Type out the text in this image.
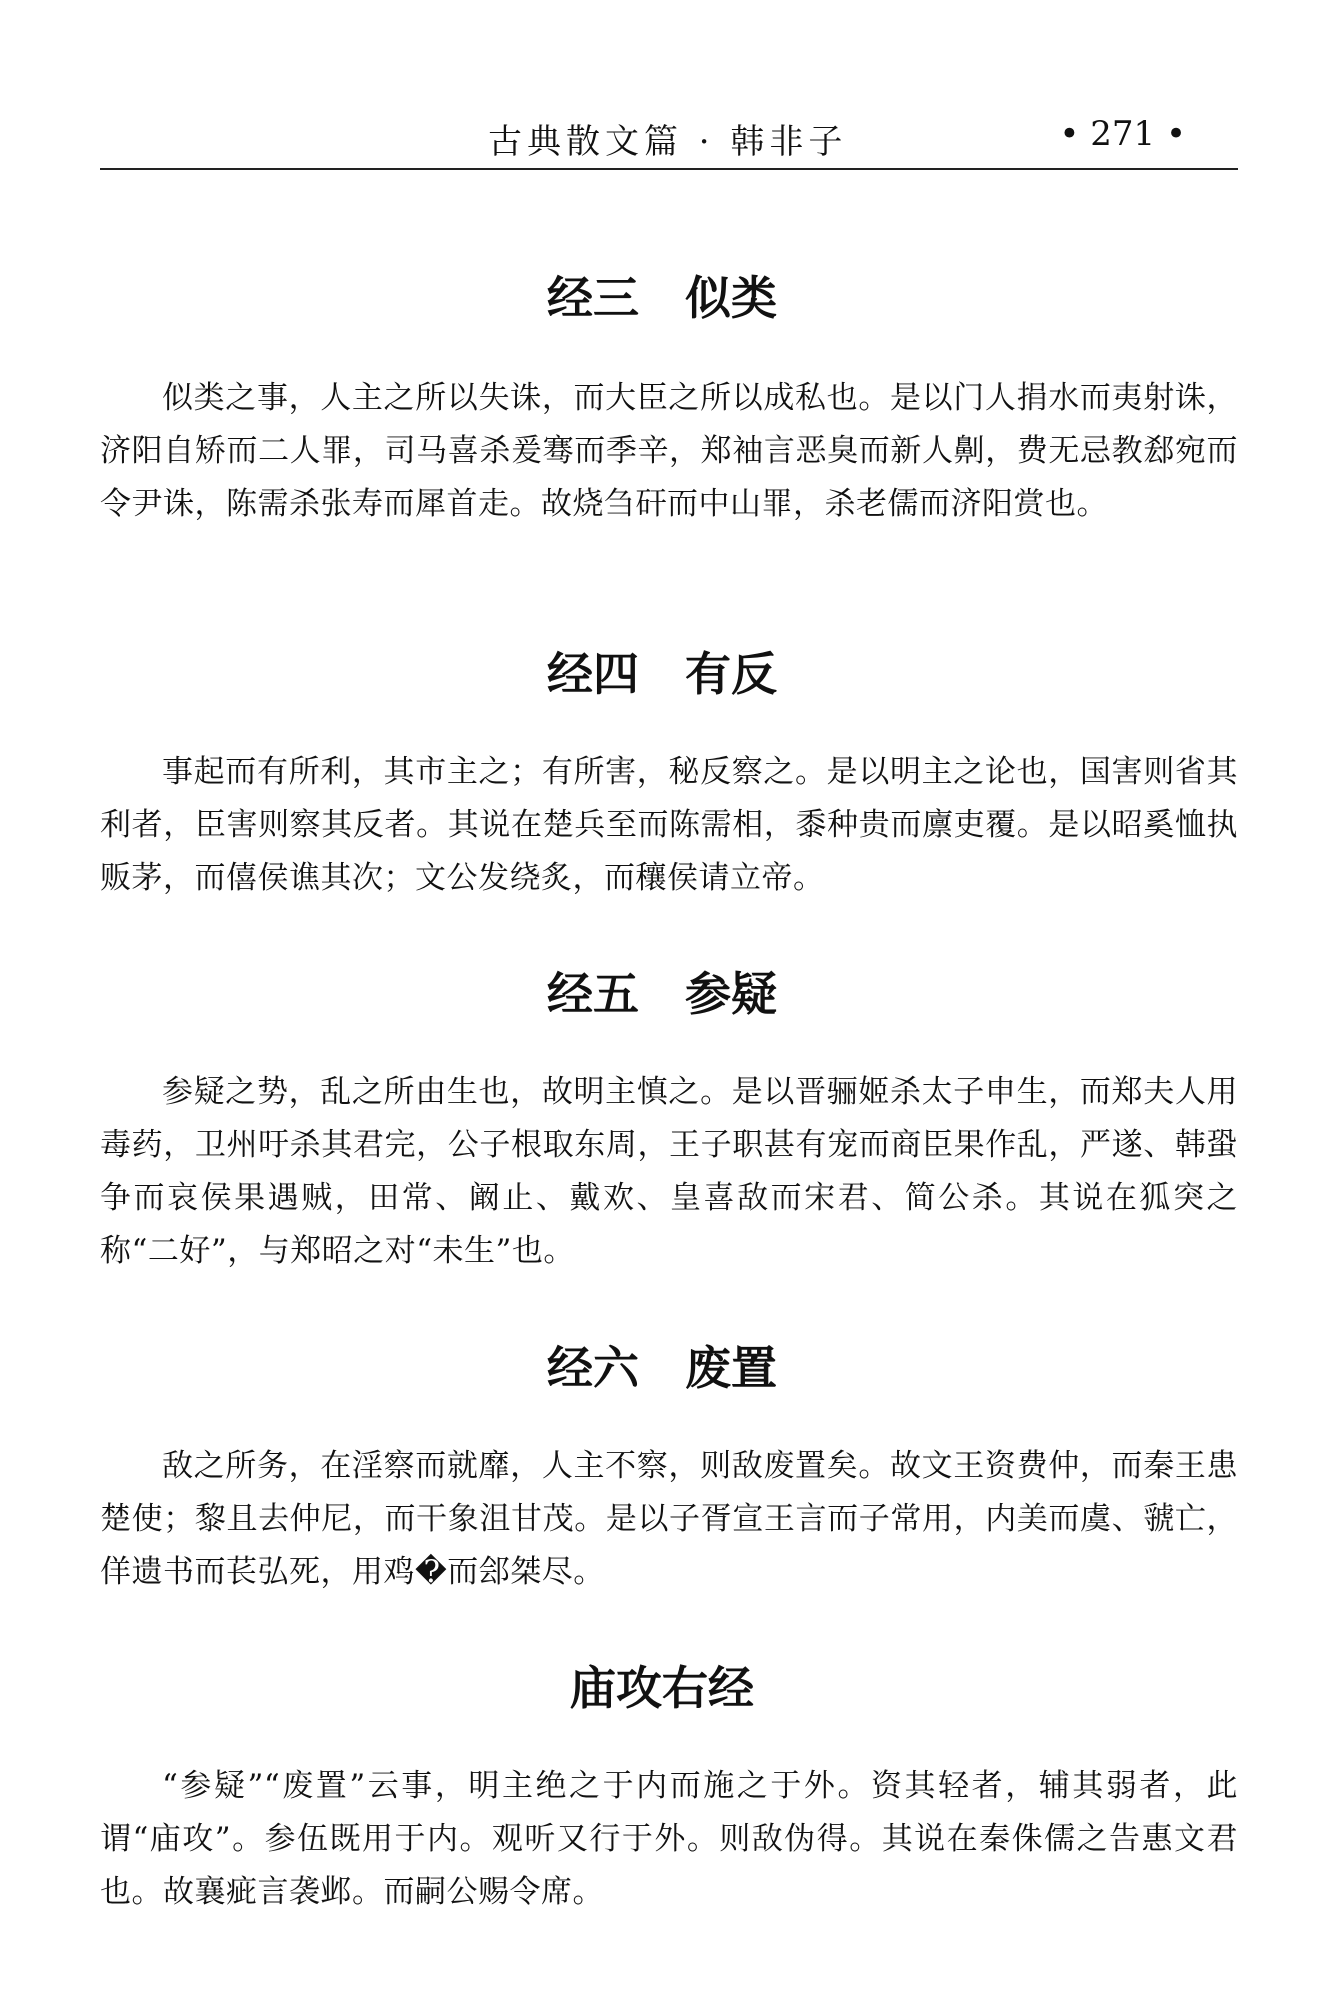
古典散文篇 · 韩非子	• 271 •
经三　似类

似类之事，人主之所以失诛，而大臣之所以成私也。是以门人捐水而夷射诛，济阳自矫而二人罪，司马喜杀爰骞而季辛，郑袖言恶臭而新人劓，费无忌教郄宛而令尹诛，陈需杀张寿而犀首走。故烧刍矸而中山罪，杀老儒而济阳赏也。

经四　有反

事起而有所利，其市主之；有所害，秘反察之。是以明主之论也，国害则省其利者，臣害则察其反者。其说在楚兵至而陈需相，黍种贵而廪吏覆。是以昭奚恤执贩茅，而僖侯谯其次；文公发绕炙，而穰侯请立帝。

经五　参疑

参疑之势，乱之所由生也，故明主慎之。是以晋骊姬杀太子申生，而郑夫人用毒药，卫州吁杀其君完，公子根取东周，王子职甚有宠而商臣果作乱，严遂、韩蛩争而哀侯果遇贼，田常、阚止、戴欢、皇喜敌而宋君、简公杀。其说在狐突之称“二好”，与郑昭之对“未生”也。

经六　废置

敌之所务，在淫察而就靡，人主不察，则敌废置矣。故文王资费仲，而秦王患楚使；黎且去仲尼，而干象沮甘茂。是以子胥宣王言而子常用，内美而虞、虢亡，佯遗书而苌弘死，用鸡�而郐桀尽。

庙攻右经

“参疑”“废置”云事，明主绝之于内而施之于外。资其轻者，辅其弱者，此谓“庙攻”。参伍既用于内。观听又行于外。则敌伪得。其说在秦侏儒之告惠文君也。故襄疵言袭邺。而嗣公赐令席。
